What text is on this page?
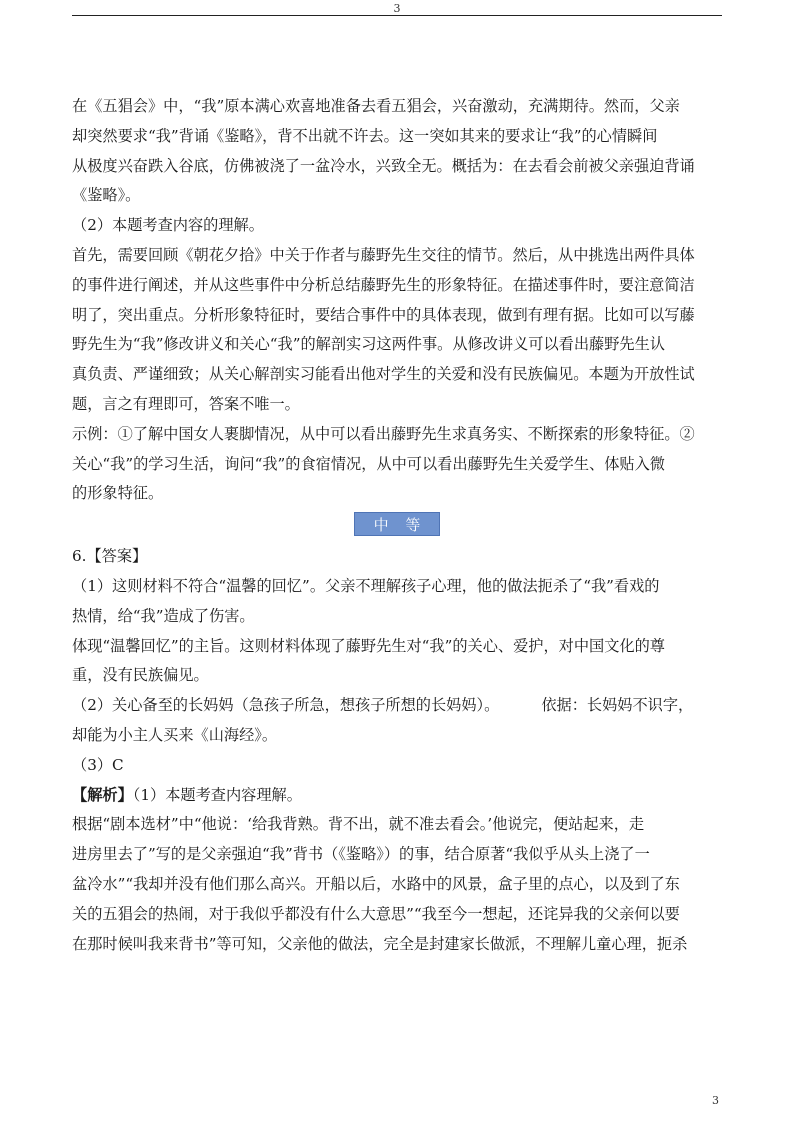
3

在《五猖会》中，“我”原本满心欢喜地准备去看五猖会，兴奋激动，充满期待。然而，父亲

却突然要求“我”背诵《鉴略》，背不出就不许去。这一突如其来的要求让“我”的心情瞬间

从极度兴奋跌入谷底，仿佛被浇了一盆冷水，兴致全无。概括为：在去看会前被父亲强迫背诵

《鉴略》。

（2）本题考查内容的理解。

首先，需要回顾《朝花夕拾》中关于作者与藤野先生交往的情节。然后，从中挑选出两件具体

的事件进行阐述，并从这些事件中分析总结藤野先生的形象特征。在描述事件时，要注意简洁

明了，突出重点。分析形象特征时，要结合事件中的具体表现，做到有理有据。比如可以写藤

野先生为“我”修改讲义和关心“我”的解剖实习这两件事。从修改讲义可以看出藤野先生认

真负责、严谨细致；从关心解剖实习能看出他对学生的关爱和没有民族偏见。本题为开放性试

题，言之有理即可，答案不唯一。

示例：①了解中国女人裹脚情况，从中可以看出藤野先生求真务实、不断探索的形象特征。②

关心“我”的学习生活，询问“我”的食宿情况，从中可以看出藤野先生关爱学生、体贴入微

的形象特征。

中 等 题

6.【答案】

（1）这则材料不符合“温馨的回忆”。父亲不理解孩子心理，他的做法扼杀了“我”看戏的

热情，给“我”造成了伤害。

体现“温馨回忆”的主旨。这则材料体现了藤野先生对“我”的关心、爱护，对中国文化的尊

重，没有民族偏见。

（2）关心备至的长妈妈（急孩子所急，想孩子所想的长妈妈）。	依据：长妈妈不识字，

却能为小主人买来《山海经》。

（3）C

【解析】（1）本题考查内容理解。

根据“剧本选材”中“他说：‘给我背熟。背不出，就不准去看会。’他说完，便站起来，走

进房里去了”写的是父亲强迫“我”背书（《鉴略》）的事，结合原著“我似乎从头上浇了一

盆冷水”“我却并没有他们那么高兴。开船以后，水路中的风景，盒子里的点心，以及到了东

关的五猖会的热闹，对于我似乎都没有什么大意思”“我至今一想起，还诧异我的父亲何以要

在那时候叫我来背书”等可知，父亲他的做法，完全是封建家长做派，不理解儿童心理，扼杀

3
